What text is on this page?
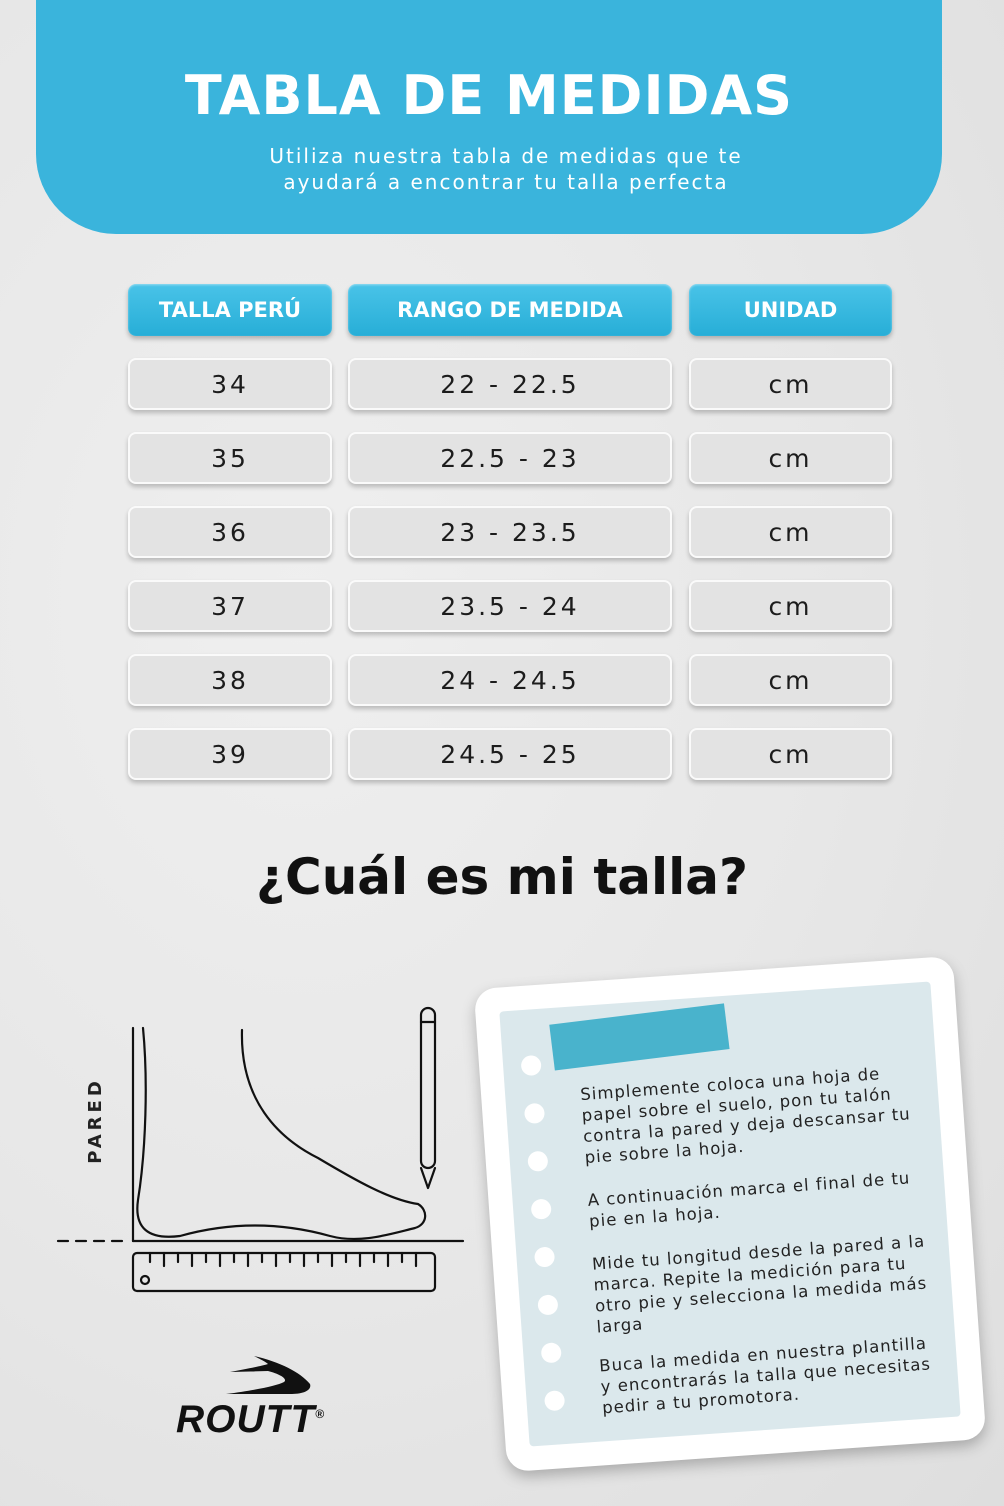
TABLA DE MEDIDAS
Utiliza nuestra tabla de medidas que te ayudará a encontrar tu talla perfecta
TALLA PERÚ	RANGO DE MEDIDA	UNIDAD
34	22 - 22.5	cm
35	22.5 - 23	cm
36	23 - 23.5	cm
37	23.5 - 24	cm
38	24 - 24.5	cm
39	24.5 - 25	cm
¿Cuál es mi talla?
PARED	Simplemente coloca una hoja de papel sobre el suelo, pon tu talón contra la pared y deja descansar tu pie sobre la hoja.
A continuación marca el final de tu pie en la hoja.
Mide tu longitud desde la pared a la marca. Repite la medición para tu otro pie y selecciona la medida más larga
Buca la medida en nuestra plantilla y encontrarás la talla que necesitas pedir a tu promotora.
ROUTT®
